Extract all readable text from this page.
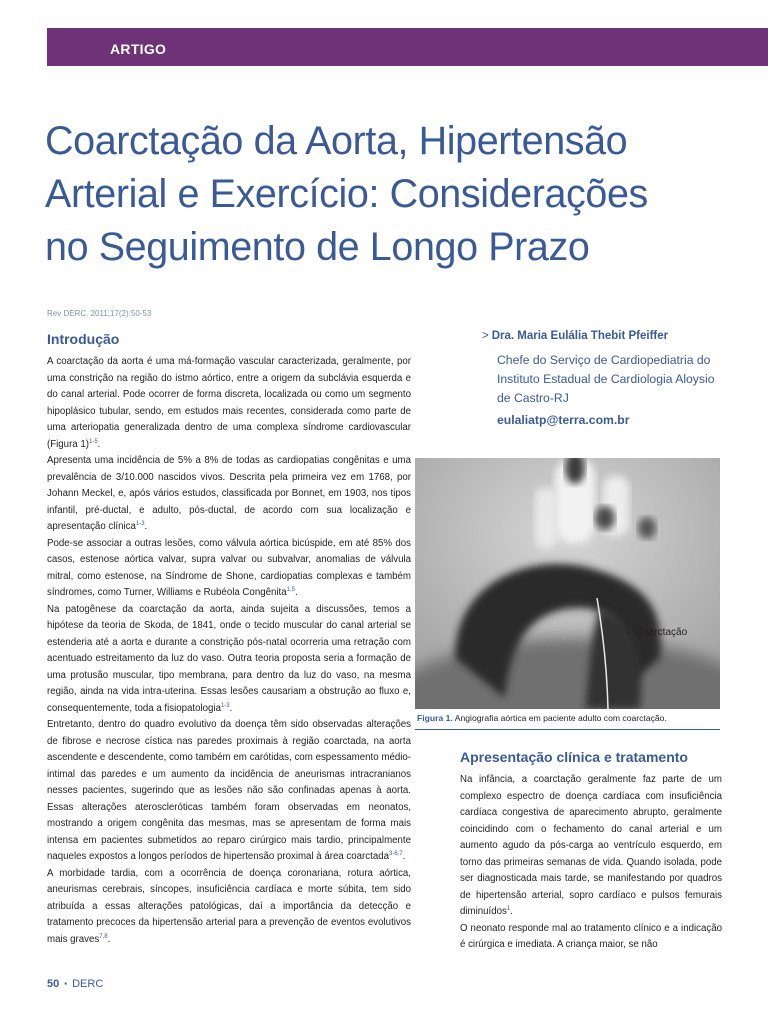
ARTIGO
Coarctação da Aorta, Hipertensão
Arterial e Exercício: Considerações
no Seguimento de Longo Prazo
Rev DERC. 2011;17(2):50-53
Introdução

A coarctação da aorta é uma má-formação vascular caracterizada, geralmente, por uma constrição na região do istmo aórtico, entre a origem da subclávia esquerda e do canal arterial. Pode ocorrer de forma discreta, localizada ou como um segmento hipoplásico tubular, sendo, em estudos mais recentes, considerada como parte de uma arteriopatia generalizada dentro de uma complexa síndrome cardiovascular (Figura 1)$^{1-5}$.

Apresenta uma incidência de 5% a 8% de todas as cardiopatias congênitas e uma prevalência de 3/10.000 nascidos vivos. Descrita pela primeira vez em 1768, por Johann Meckel, e, após vários estudos, classificada por Bonnet, em 1903, nos tipos infantil, pré-ductal, e adulto, pós-ductal, de acordo com sua localização e apresentação clínica$^{1-3}$.

Pode-se associar a outras lesões, como válvula aórtica bicúspide, em até 85% dos casos, estenose aórtica valvar, supra valvar ou subvalvar, anomalias de válvula mitral, como estenose, na Síndrome de Shone, cardiopatias complexas e também síndromes, como Turner, Williams e Rubéola Congênita$^{1,5}$.

Na patogênese da coarctação da aorta, ainda sujeita a discussões, temos a hipótese da teoria de Skoda, de 1841, onde o tecido muscular do canal arterial se estenderia até a aorta e durante a constrição pós-natal ocorreria uma retração com acentuado estreitamento da luz do vaso. Outra teoria proposta seria a formação de uma protusão muscular, tipo membrana, para dentro da luz do vaso, na mesma região, ainda na vida intra-uterina. Essas lesões causariam a obstrução ao fluxo e, consequentemente, toda a fisiopatologia$^{1-3}$.

Entretanto, dentro do quadro evolutivo da doença têm sido observadas alterações de fibrose e necrose cística nas paredes proximais à região coarctada, na aorta ascendente e descendente, como também em carótidas, com espessamento médio-intimal das paredes e um aumento da incidência de aneurismas intracranianos nesses pacientes, sugerindo que as lesões não são confinadas apenas à aorta. Essas alterações ateroscleróticas também foram observadas em neonatos, mostrando a origem congênita das mesmas, mas se apresentam de forma mais intensa em pacientes submetidos ao reparo cirúrgico mais tardio, principalmente naqueles expostos a longos períodos de hipertensão proximal à área coarctada$^{3-6,7}$.

A morbidade tardia, com a ocorrência de doença coronariana, rotura aórtica, aneurismas cerebrais, síncopes, insuficiência cardíaca e morte súbita, tem sido atribuída a essas alterações patológicas, daí a importância da detecção e tratamento precoces da hipertensão arterial para a prevenção de eventos evolutivos mais graves$^{7,8}$.

> Dra. Maria Eulália Thebit Pfeiffer
Chefe do Serviço de Cardiopediatria do
Instituto Estadual de Cardiologia Aloysio
de Castro-RJ
eulaliatp@terra.com.br
← Coarctação
Figura 1. Angiografia aórtica em paciente adulto com coarctação.
Apresentação clínica e tratamento

Na infância, a coarctação geralmente faz parte de um complexo espectro de doença cardíaca com insuficiência cardíaca congestiva de aparecimento abrupto, geralmente coincidindo com o fechamento do canal arterial e um aumento agudo da pós-carga ao ventrículo esquerdo, em torno das primeiras semanas de vida. Quando isolada, pode ser diagnosticada mais tarde, se manifestando por quadros de hipertensão arterial, sopro cardíaco e pulsos femurais diminuídos$^1$.

O neonato responde mal ao tratamento clínico e a indicação é cirúrgica e imediata. A criança maior, se não

50 ▪ DERC
